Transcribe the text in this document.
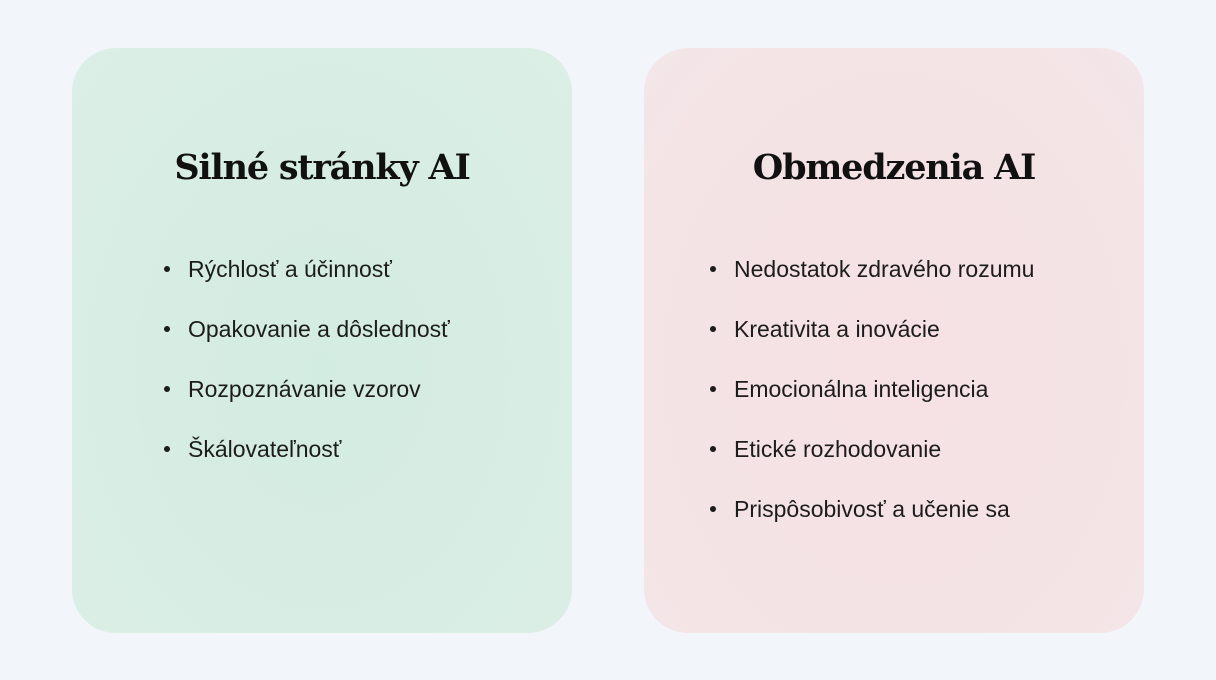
Silné stránky AI
Rýchlosť a účinnosť
Opakovanie a dôslednosť
Rozpoznávanie vzorov
Škálovateľnosť
Obmedzenia AI
Nedostatok zdravého rozumu
Kreativita a inovácie
Emocionálna inteligencia
Etické rozhodovanie
Prispôsobivosť a učenie sa
